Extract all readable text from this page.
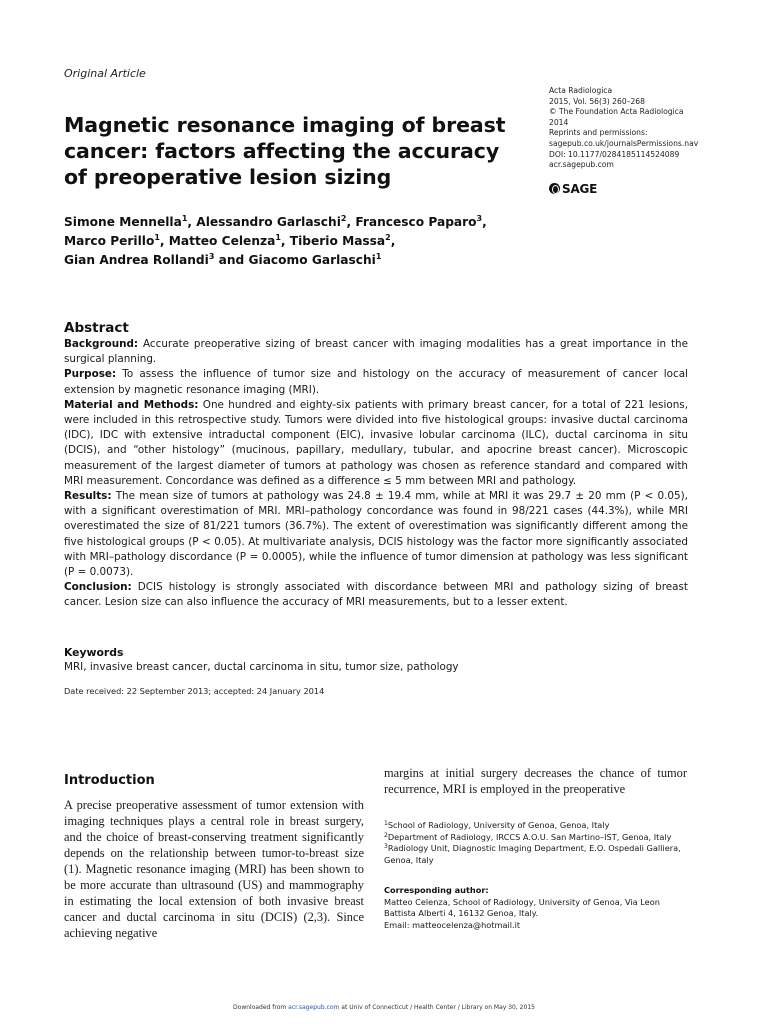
Original Article
Acta Radiologica
2015, Vol. 56(3) 260–268
© The Foundation Acta Radiologica
2014
Reprints and permissions:
sagepub.co.uk/journalsPermissions.nav
DOI: 10.1177/0284185114524089
acr.sagepub.com
SAGE
Magnetic resonance imaging of breast cancer: factors affecting the accuracy of preoperative lesion sizing
Simone Mennella$^1$, Alessandro Garlaschi$^2$, Francesco Paparo$^3$,
Marco Perillo$^1$, Matteo Celenza$^1$, Tiberio Massa$^2$,
Gian Andrea Rollandi$^3$ and Giacomo Garlaschi$^1$
Abstract

Background: Accurate preoperative sizing of breast cancer with imaging modalities has a great importance in the surgical planning.
Purpose: To assess the influence of tumor size and histology on the accuracy of measurement of cancer local extension by magnetic resonance imaging (MRI).
Material and Methods: One hundred and eighty-six patients with primary breast cancer, for a total of 221 lesions, were included in this retrospective study. Tumors were divided into five histological groups: invasive ductal carcinoma (IDC), IDC with extensive intraductal component (EIC), invasive lobular carcinoma (ILC), ductal carcinoma in situ (DCIS), and “other histology” (mucinous, papillary, medullary, tubular, and apocrine breast cancer). Microscopic measurement of the largest diameter of tumors at pathology was chosen as reference standard and compared with MRI measurement. Concordance was defined as a difference ≤ 5 mm between MRI and pathology.
Results: The mean size of tumors at pathology was 24.8 ± 19.4 mm, while at MRI it was 29.7 ± 20 mm (P < 0.05), with a significant overestimation of MRI. MRI–pathology concordance was found in 98/221 cases (44.3%), while MRI overestimated the size of 81/221 tumors (36.7%). The extent of overestimation was significantly different among the five histological groups (P < 0.05). At multivariate analysis, DCIS histology was the factor more significantly associated with MRI–pathology discordance (P = 0.0005), while the influence of tumor dimension at pathology was less significant (P = 0.0073).
Conclusion: DCIS histology is strongly associated with discordance between MRI and pathology sizing of breast cancer. Lesion size can also influence the accuracy of MRI measurements, but to a lesser extent.

Keywords

MRI, invasive breast cancer, ductal carcinoma in situ, tumor size, pathology

Date received: 22 September 2013; accepted: 24 January 2014
Introduction

A precise preoperative assessment of tumor extension with imaging techniques plays a central role in breast surgery, and the choice of breast-conserving treatment significantly depends on the relationship between tumor-to-breast size (1). Magnetic resonance imaging (MRI) has been shown to be more accurate than ultrasound (US) and mammography in estimating the local extension of both invasive breast cancer and ductal carcinoma in situ (DCIS) (2,3). Since achieving negative

margins at initial surgery decreases the chance of tumor recurrence, MRI is employed in the preoperative

$^1$School of Radiology, University of Genoa, Genoa, Italy
$^2$Department of Radiology, IRCCS A.O.U. San Martino–IST, Genoa, Italy
$^3$Radiology Unit, Diagnostic Imaging Department, E.O. Ospedali Galliera, Genoa, Italy
Corresponding author:
Matteo Celenza, School of Radiology, University of Genoa, Via Leon Battista Alberti 4, 16132 Genoa, Italy.
Email: matteocelenza@hotmail.it
Downloaded from acr.sagepub.com at Univ of Connecticut / Health Center / Library on May 30, 2015
